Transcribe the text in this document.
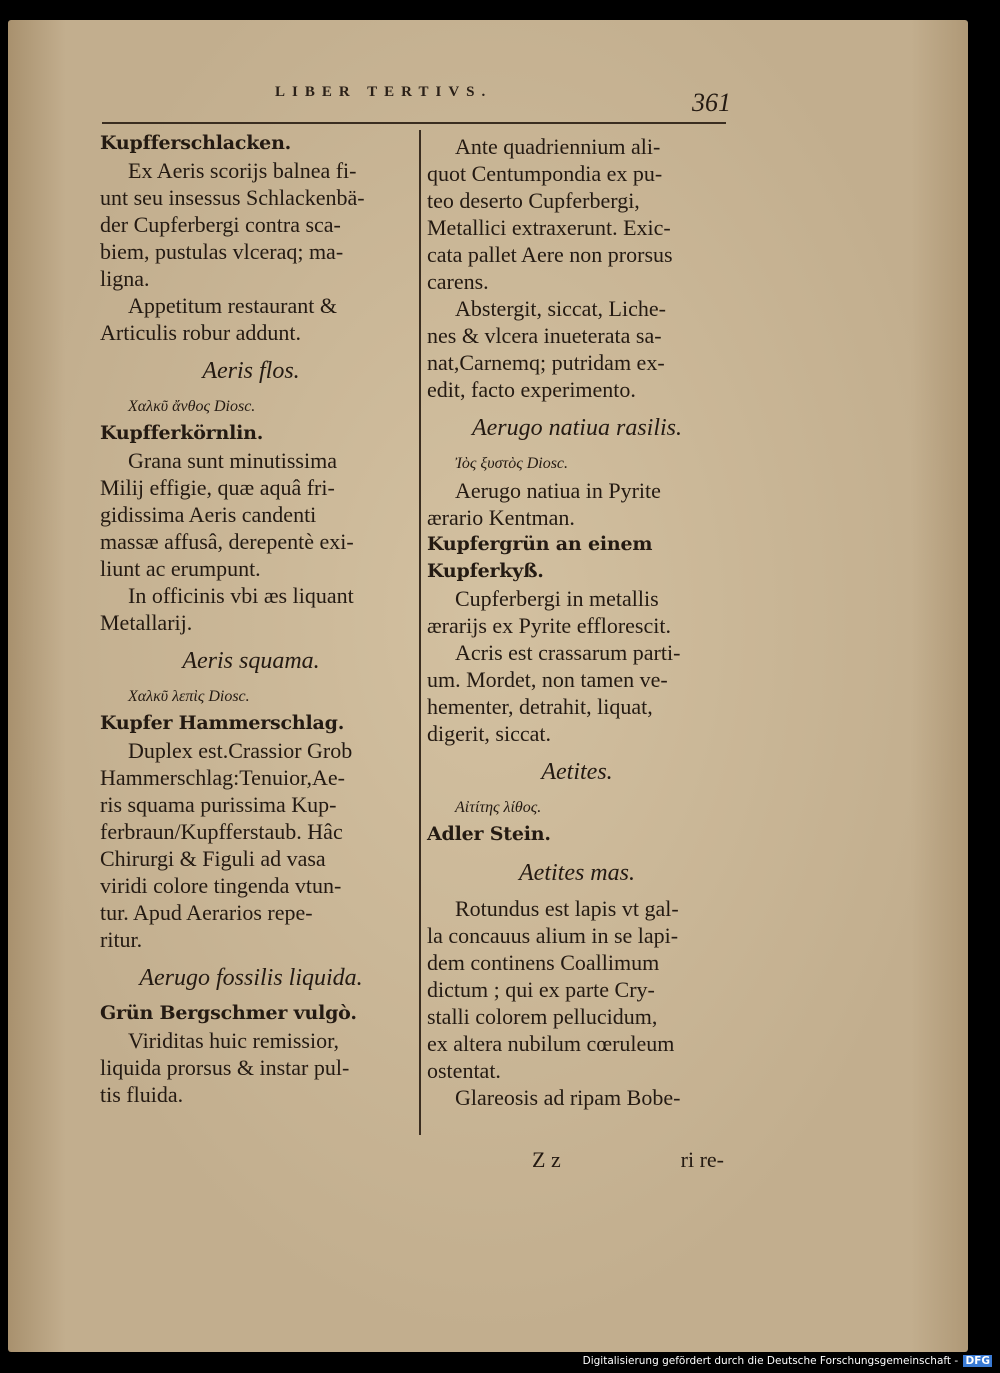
LIBER TERTIVS.	361

Kupfferschlacken.

Ex Aeris scorijs balnea fi-

unt seu insessus Schlackenbä-

der Cupferbergi contra sca-

biem, pustulas vlceraq; ma-

ligna.

Appetitum restaurant &

Articulis robur addunt.

Aeris flos.

Χαλκῦ ἄνθος Diosc.

Kupfferkörnlin.

Grana sunt minutissima

Milij effigie, quæ aquâ fri-

gidissima Aeris candenti

massæ affusâ, derepentè exi-

liunt ac erumpunt.

In officinis vbi æs liquant

Metallarij.

Aeris squama.

Χαλκῦ λεπὶς Diosc.

Kupfer Hammerschlag.

Duplex est.Crassior Grob

Hammerschlag:Tenuior,Ae-

ris squama purissima Kup-

ferbraun/Kupfferstaub. Hâc

Chirurgi & Figuli ad vasa

viridi colore tingenda vtun-

tur. Apud Aerarios repe-

ritur.

Aerugo fossilis liquida.

Grün Bergschmer vulgò.

Viriditas huic remissior,

liquida prorsus & instar pul-

tis fluida.

Ante quadriennium ali-

quot Centumpondia ex pu-

teo deserto Cupferbergi,

Metallici extraxerunt. Exic-

cata pallet Aere non prorsus

carens.

Abstergit, siccat, Liche-

nes & vlcera inueterata sa-

nat,Carnemq; putridam ex-

edit, facto experimento.

Aerugo natiua rasilis.

Ἰὸς ξυστὸς Diosc.

Aerugo natiua in Pyrite

ærario Kentman.

Kupfergrün an einem

Kupferkyß.

Cupferbergi in metallis

ærarijs ex Pyrite efflorescit.

Acris est crassarum parti-

um. Mordet, non tamen ve-

hementer, detrahit, liquat,

digerit, siccat.

Aetites.

Αἰτίτης λίθος.

Adler Stein.

Aetites mas.

Rotundus est lapis vt gal-

la concauus alium in se lapi-

dem continens Coallimum

dictum ; qui ex parte Cry-

stalli colorem pellucidum,

ex altera nubilum cœruleum

ostentat.

Glareosis ad ripam Bobe-

Z z	ri re-
Digitalisierung gefördert durch die Deutsche Forschungsgemeinschaft - DFG
